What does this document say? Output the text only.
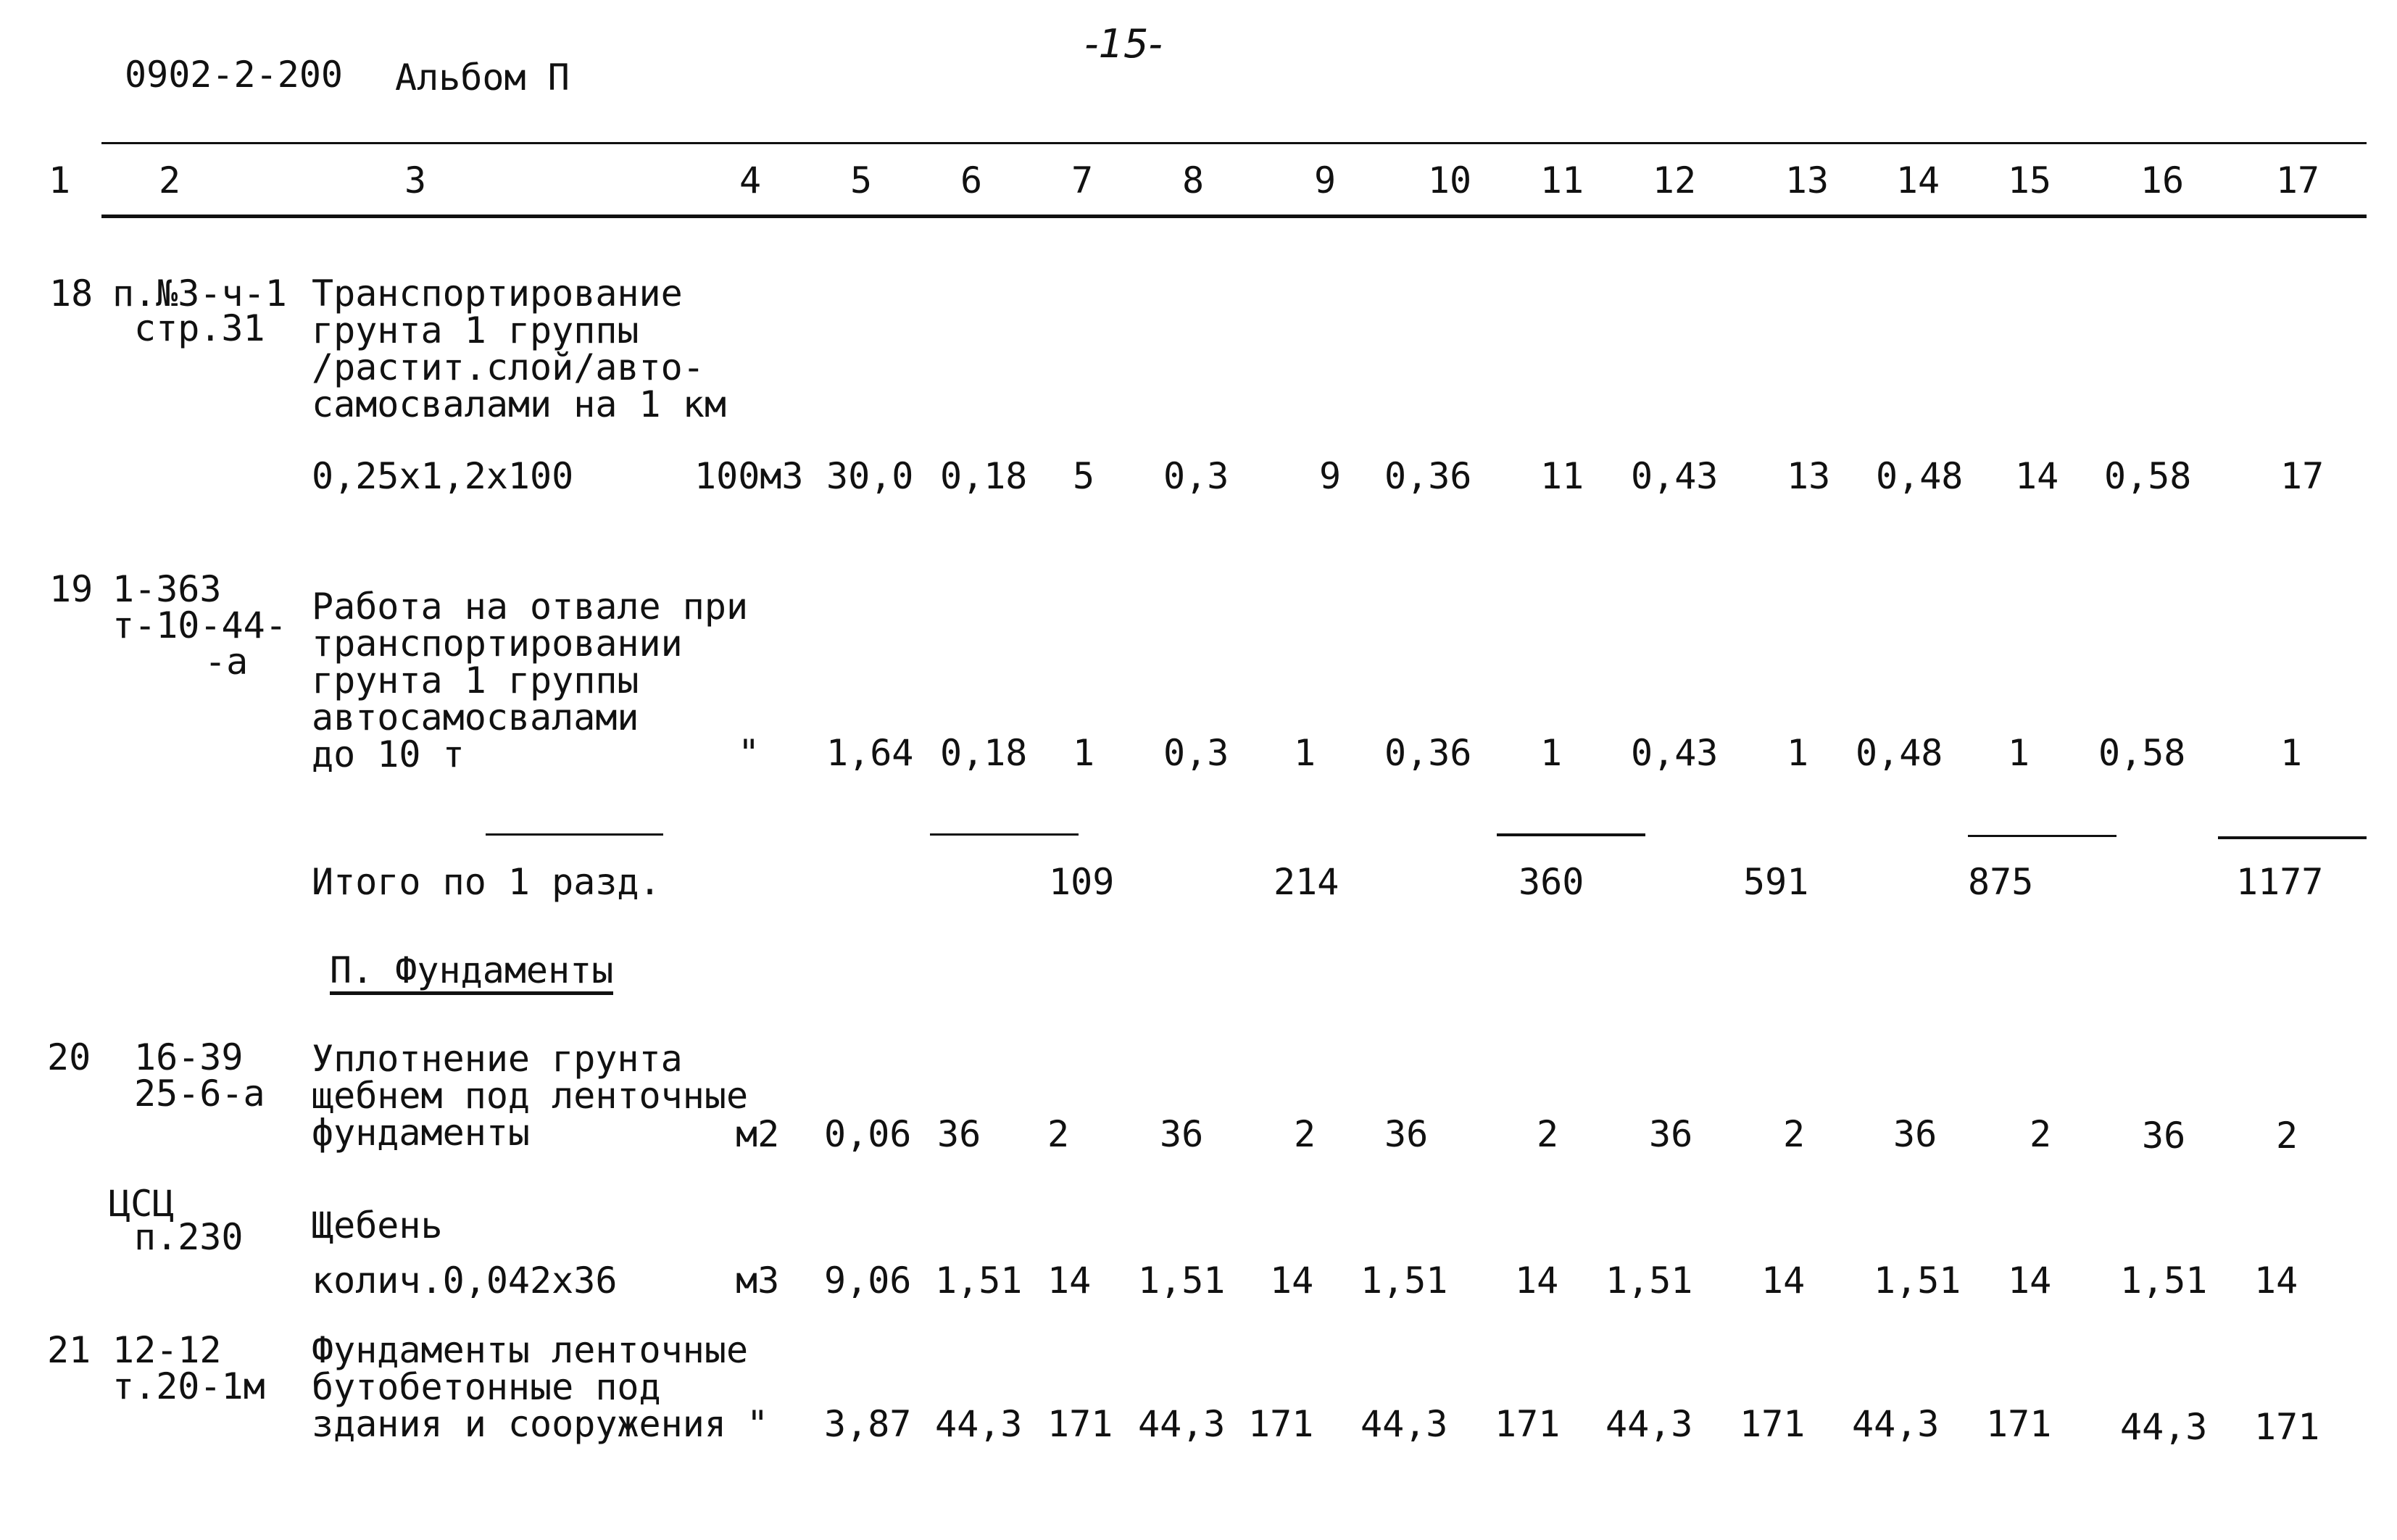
0902-2-200 Альбом П
-15-
1 2	3	4 5 6 7 8	9	10 11 12 13 14 15 16	17
18 п.№3-ч-1
стр.31
Транспортирование
грунта 1 группы
/растит.слой/авто-
самосвалами на 1 км
0,25х1,2х100	100м3 30,0 0,18 5 0,3 9 0,36 11 0,43 13 0,48 14 0,58 17
19 1-363
т-10-44-
-а
Работа на отвале при
транспортировании
грунта 1 группы
автосамосвалами
до 10 т	" 1,64 0,18 1 0,3 1 0,36 1 0,43 1 0,48 1 0,58	1
Итого по 1 разд.	109	214	360	591	875	1177
П. Фундаменты
20 16-39
25-6-а
Уплотнение грунта
щебнем под ленточные
фундаменты	м2 0,06 36 2 36 2 36	2 36 2 36	2 36 2
ЦСЦ
п.230 Щебень
колич.0,042х36	м3 9,06 1,51 14 1,51 14 1,51 14 1,51 14 1,51 14 1,51 14
21 12-12
т.20-1м
Фундаменты ленточные
бутобетонные под
здания и сооружения " 3,87 44,3 171 44,3 171 44,3 171 44,3 171 44,3 171 44,3 171
